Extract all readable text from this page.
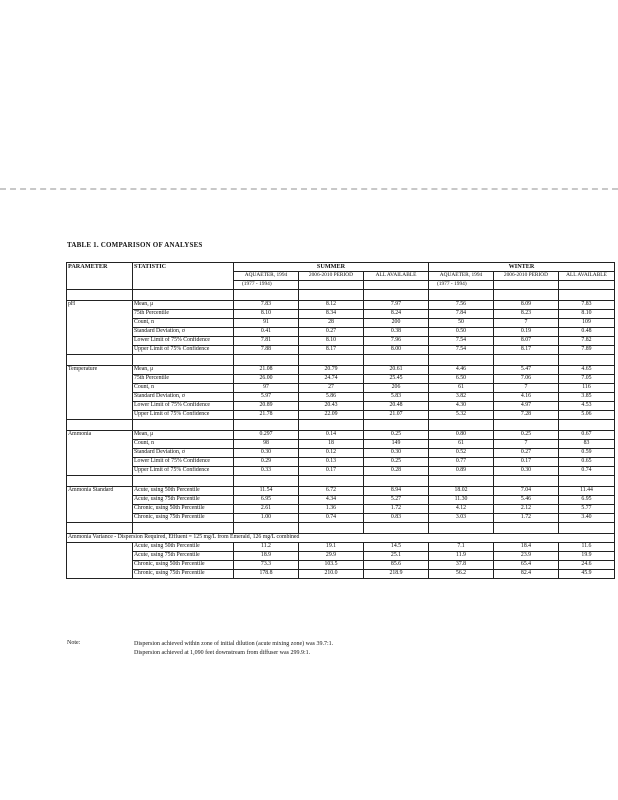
TABLE 1. COMPARISON OF ANALYSES
PARAMETER	STATISTIC	SUMMER			WINTER		
		AQUAETER, 1994	2006-2010 PERIOD	ALL AVAILABLE	AQUAETER, 1994	2006-2010 PERIOD	ALL AVAILABLE
		(1977 - 1994)			(1977 - 1994)		

pH	Mean, μ	7.83	8.12	7.97	7.56	8.09	7.83
	75th Percentile	8.10	8.34	8.24	7.84	8.23	8.10
	Count, n	91	28	200	50	7	109
	Standard Deviation, σ	0.41	0.27	0.38	0.50	0.19	0.48
	Lower Limit of 75% Confidence	7.81	8.10	7.96	7.54	8.07	7.82
	Upper Limit of 75% Confidence	7.88	8.17	8.00	7.54	8.17	7.89

Temperature	Mean, μ	21.08	20.79	20.61	4.46	5.47	4.65
	75th Percentile	26.00	24.74	25.45	6.50	7.06	7.05
	Count, n	97	27	206	61	7	116
	Standard Deviation, σ	5.97	5.86	5.83	3.82	4.16	3.85
	Lower Limit of 75% Confidence	20.89	20.43	20.48	4.30	4.97	4.53
	Upper Limit of 75% Confidence	21.78	22.09	21.07	5.32	7.28	5.06

Ammonia	Mean, μ	0.297	0.14	0.25	0.80	0.25	0.67
	Count, n	98	18	149	61	7	83
	Standard Deviation, σ	0.30	0.12	0.30	0.52	0.27	0.59
	Lower Limit of 75% Confidence	0.29	0.13	0.25	0.77	0.17	0.65
	Upper Limit of 75% Confidence	0.33	0.17	0.28	0.89	0.30	0.74

Ammonia Standard	Acute, using 50th Percentile	11.54	6.72	8.94	18.02	7.04	11.44
	Acute, using 75th Percentile	6.95	4.34	5.27	11.30	5.46	6.95
	Chronic, using 50th Percentile	2.61	1.36	1.72	4.12	2.12	5.77
	Chronic, using 75th Percentile	1.00	0.74	0.83	3.03	1.72	3.40

Ammonia Variance - Dispersion Required, Effluent = 125 mg/L from Emerald, 126 mg/L combined							
	Acute, using 50th Percentile	11.2	19.1	14.5	7.1	18.4	11.6
	Acute, using 75th Percentile	18.9	29.9	25.1	11.9	23.9	19.9
	Chronic, using 50th Percentile	73.3	103.5	85.6	37.8	65.4	24.6
	Chronic, using 75th Percentile	178.8	210.0	218.9	56.2	82.4	45.9
Note:	Dispersion achieved within zone of initial dilution (acute mixing zone) was 39.7:1.
Dispersion achieved at 1,090 feet downstream from diffuser was 299.9:1.
